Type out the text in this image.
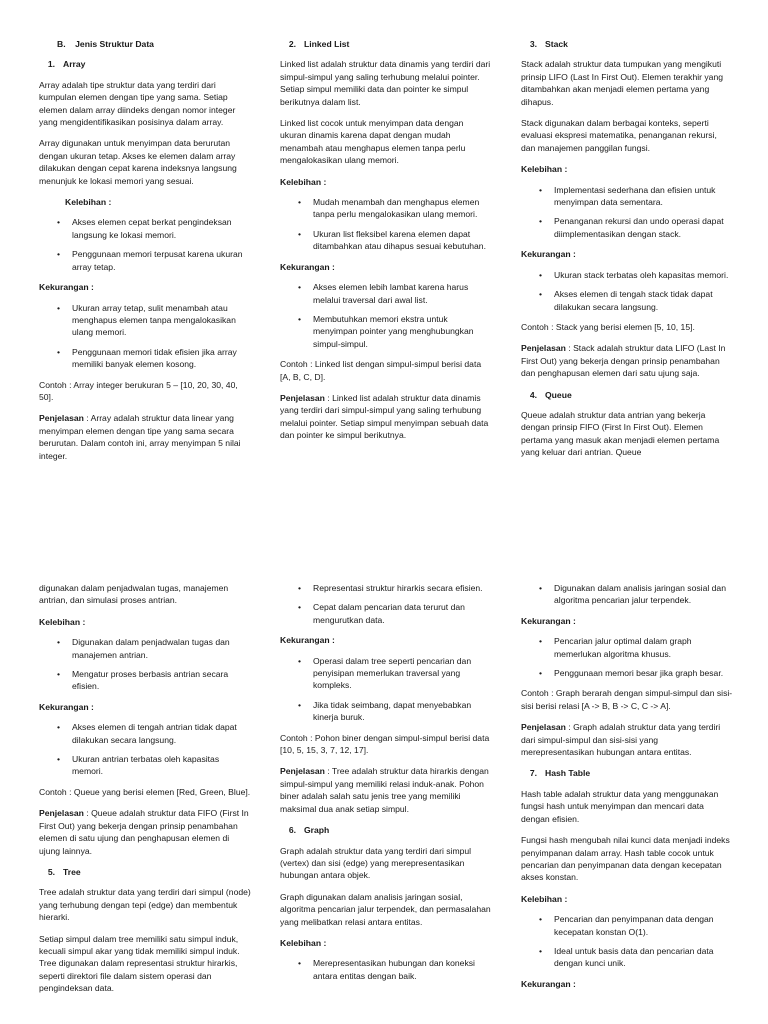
B. Jenis Struktur Data
1. Array

Array adalah tipe struktur data yang terdiri dari kumpulan elemen dengan tipe yang sama. Setiap elemen dalam array diindeks dengan nomor integer yang mengidentifikasikan posisinya dalam array.

Array digunakan untuk menyimpan data berurutan dengan ukuran tetap. Akses ke elemen dalam array dilakukan dengan cepat karena indeksnya langsung menunjuk ke lokasi memori yang sesuai.

Kelebihan :
• Akses elemen cepat berkat pengindeksan langsung ke lokasi memori.
• Penggunaan memori terpusat karena ukuran array tetap.
Kekurangan :
• Ukuran array tetap, sulit menambah atau menghapus elemen tanpa mengalokasikan ulang memori.
• Penggunaan memori tidak efisien jika array memiliki banyak elemen kosong.

Contoh : Array integer berukuran 5 – [10, 20, 30, 40, 50].

Penjelasan : Array adalah struktur data linear yang menyimpan elemen dengan tipe yang sama secara berurutan. Dalam contoh ini, array menyimpan 5 nilai integer.

2. Linked List

Linked list adalah struktur data dinamis yang terdiri dari simpul-simpul yang saling terhubung melalui pointer. Setiap simpul memiliki data dan pointer ke simpul berikutnya dalam list.

Linked list cocok untuk menyimpan data dengan ukuran dinamis karena dapat dengan mudah menambah atau menghapus elemen tanpa perlu mengalokasikan ulang memori.

Kelebihan :
• Mudah menambah dan menghapus elemen tanpa perlu mengalokasikan ulang memori.
• Ukuran list fleksibel karena elemen dapat ditambahkan atau dihapus sesuai kebutuhan.
Kekurangan :
• Akses elemen lebih lambat karena harus melalui traversal dari awal list.
• Membutuhkan memori ekstra untuk menyimpan pointer yang menghubungkan simpul-simpul.

Contoh : Linked list dengan simpul-simpul berisi data [A, B, C, D].

Penjelasan : Linked list adalah struktur data dinamis yang terdiri dari simpul-simpul yang saling terhubung melalui pointer. Setiap simpul menyimpan sebuah data dan pointer ke simpul berikutnya.

3. Stack

Stack adalah struktur data tumpukan yang mengikuti prinsip LIFO (Last In First Out). Elemen terakhir yang ditambahkan akan menjadi elemen pertama yang dihapus.

Stack digunakan dalam berbagai konteks, seperti evaluasi ekspresi matematika, penanganan rekursi, dan manajemen panggilan fungsi.

Kelebihan :
• Implementasi sederhana dan efisien untuk menyimpan data sementara.
• Penanganan rekursi dan undo operasi dapat diimplementasikan dengan stack.
Kekurangan :
• Ukuran stack terbatas oleh kapasitas memori.
• Akses elemen di tengah stack tidak dapat dilakukan secara langsung.

Contoh : Stack yang berisi elemen [5, 10, 15].

Penjelasan : Stack adalah struktur data LIFO (Last In First Out) yang bekerja dengan prinsip penambahan dan penghapusan elemen dari satu ujung saja.

4. Queue

Queue adalah struktur data antrian yang bekerja dengan prinsip FIFO (First In First Out). Elemen pertama yang masuk akan menjadi elemen pertama yang keluar dari antrian. Queue

digunakan dalam penjadwalan tugas, manajemen antrian, dan simulasi proses antrian.

Kelebihan :
• Digunakan dalam penjadwalan tugas dan manajemen antrian.
• Mengatur proses berbasis antrian secara efisien.
Kekurangan :
• Akses elemen di tengah antrian tidak dapat dilakukan secara langsung.
• Ukuran antrian terbatas oleh kapasitas memori.

Contoh : Queue yang berisi elemen [Red, Green, Blue].

Penjelasan : Queue adalah struktur data FIFO (First In First Out) yang bekerja dengan prinsip penambahan elemen di satu ujung dan penghapusan elemen di ujung lainnya.

5. Tree

Tree adalah struktur data yang terdiri dari simpul (node) yang terhubung dengan tepi (edge) dan membentuk hierarki.

Setiap simpul dalam tree memiliki satu simpul induk, kecuali simpul akar yang tidak memiliki simpul induk. Tree digunakan dalam representasi struktur hirarkis, seperti direktori file dalam sistem operasi dan pengindeksan data.

• Representasi struktur hirarkis secara efisien.
• Cepat dalam pencarian data terurut dan mengurutkan data.
Kekurangan :
• Operasi dalam tree seperti pencarian dan penyisipan memerlukan traversal yang kompleks.
• Jika tidak seimbang, dapat menyebabkan kinerja buruk.

Contoh : Pohon biner dengan simpul-simpul berisi data [10, 5, 15, 3, 7, 12, 17].

Penjelasan : Tree adalah struktur data hirarkis dengan simpul-simpul yang memiliki relasi induk-anak. Pohon biner adalah salah satu jenis tree yang memiliki maksimal dua anak setiap simpul.

6. Graph

Graph adalah struktur data yang terdiri dari simpul (vertex) dan sisi (edge) yang merepresentasikan hubungan antara objek.

Graph digunakan dalam analisis jaringan sosial, algoritma pencarian jalur terpendek, dan permasalahan yang melibatkan relasi antara entitas.

Kelebihan :
• Merepresentasikan hubungan dan koneksi antara entitas dengan baik.
• Digunakan dalam analisis jaringan sosial dan algoritma pencarian jalur terpendek.
Kekurangan :
• Pencarian jalur optimal dalam graph memerlukan algoritma khusus.
• Penggunaan memori besar jika graph besar.

Contoh : Graph berarah dengan simpul-simpul dan sisi-sisi berisi relasi [A -> B, B -> C, C -> A].

Penjelasan : Graph adalah struktur data yang terdiri dari simpul-simpul dan sisi-sisi yang merepresentasikan hubungan antara entitas.

7. Hash Table

Hash table adalah struktur data yang menggunakan fungsi hash untuk menyimpan dan mencari data dengan efisien.

Fungsi hash mengubah nilai kunci data menjadi indeks penyimpanan dalam array. Hash table cocok untuk pencarian dan penyimpanan data dengan kecepatan akses konstan.

Kelebihan :
• Pencarian dan penyimpanan data dengan kecepatan konstan O(1).
• Ideal untuk basis data dan pencarian data dengan kunci unik.
Kekurangan :
